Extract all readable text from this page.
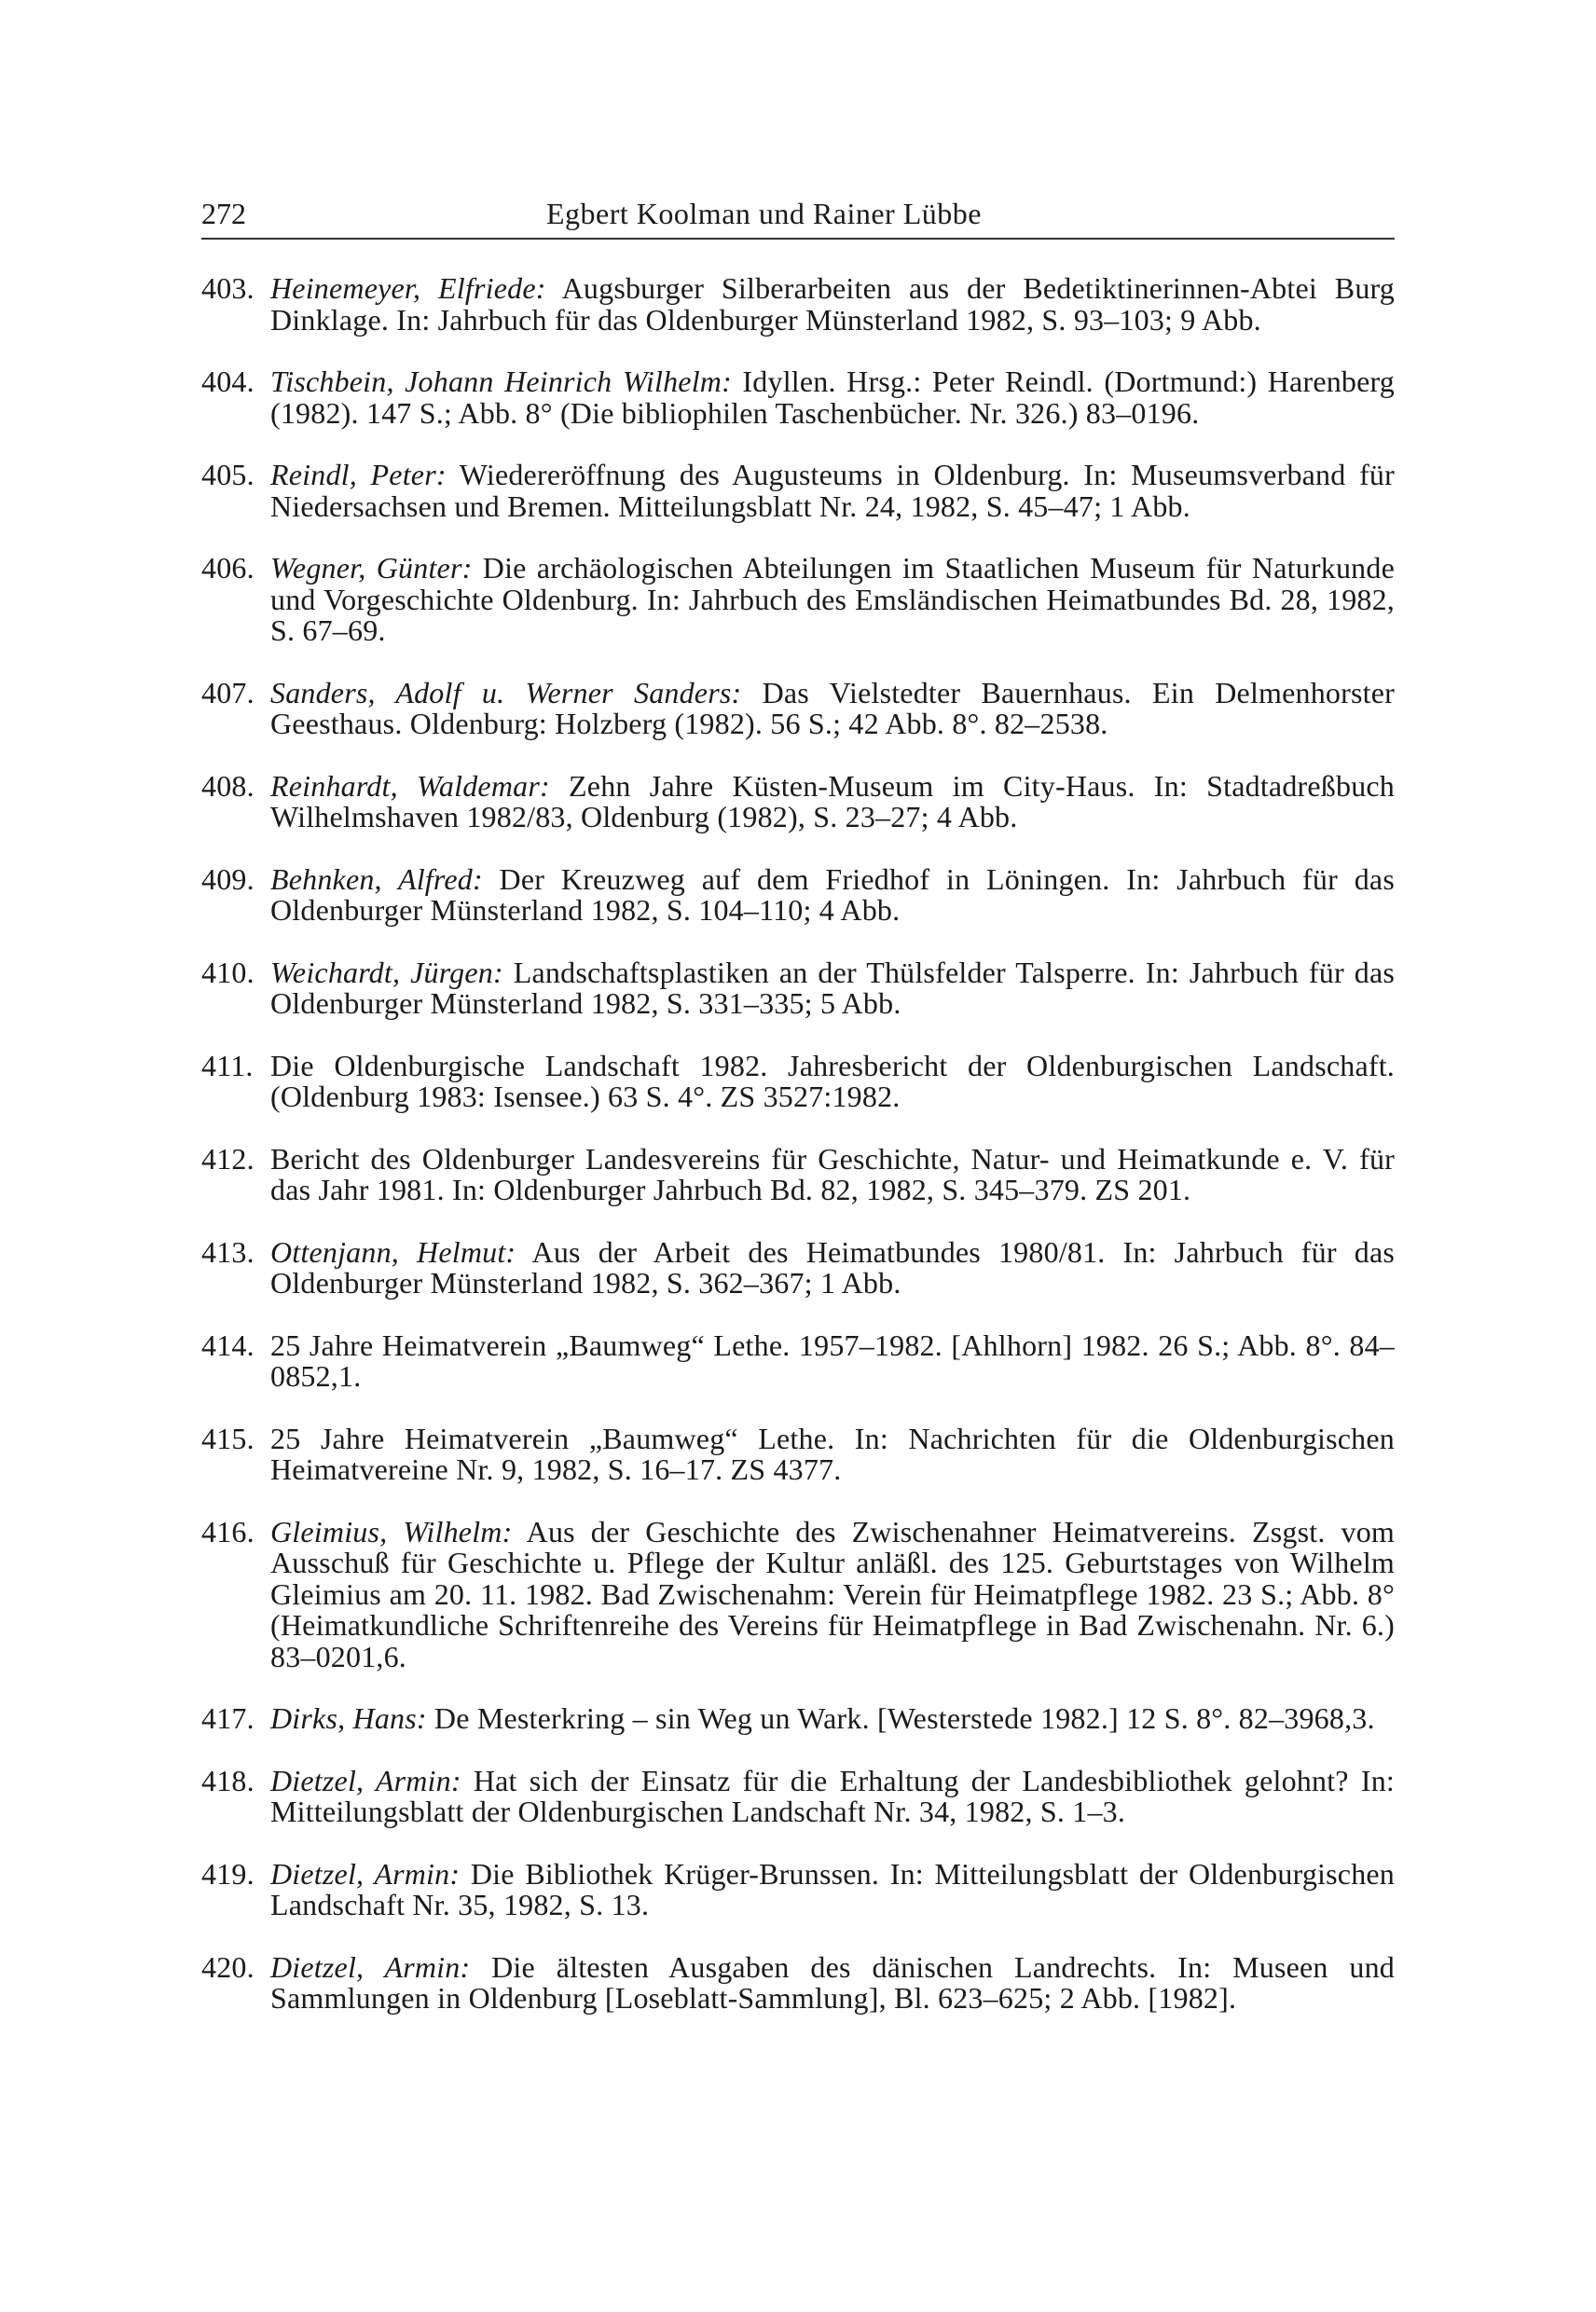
272	Egbert Koolman und Rainer Lübbe
403. Heinemeyer, Elfriede: Augsburger Silberarbeiten aus der Bedetiktinerinnen-Abtei Burg Dinklage. In: Jahrbuch für das Oldenburger Münsterland 1982, S. 93–103; 9 Abb.
404. Tischbein, Johann Heinrich Wilhelm: Idyllen. Hrsg.: Peter Reindl. (Dortmund:) Harenberg (1982). 147 S.; Abb. 8° (Die bibliophilen Taschenbücher. Nr. 326.) 83–0196.
405. Reindl, Peter: Wiedereröffnung des Augusteums in Oldenburg. In: Museumsverband für Niedersachsen und Bremen. Mitteilungsblatt Nr. 24, 1982, S. 45–47; 1 Abb.
406. Wegner, Günter: Die archäologischen Abteilungen im Staatlichen Museum für Naturkunde und Vorgeschichte Oldenburg. In: Jahrbuch des Emsländischen Heimatbundes Bd. 28, 1982, S. 67–69.
407. Sanders, Adolf u. Werner Sanders: Das Vielstedter Bauernhaus. Ein Delmenhorster Geesthaus. Oldenburg: Holzberg (1982). 56 S.; 42 Abb. 8°. 82–2538.
408. Reinhardt, Waldemar: Zehn Jahre Küsten-Museum im City-Haus. In: Stadtadreßbuch Wilhelmshaven 1982/83, Oldenburg (1982), S. 23–27; 4 Abb.
409. Behnken, Alfred: Der Kreuzweg auf dem Friedhof in Löningen. In: Jahrbuch für das Oldenburger Münsterland 1982, S. 104–110; 4 Abb.
410. Weichardt, Jürgen: Landschaftsplastiken an der Thülsfelder Talsperre. In: Jahrbuch für das Oldenburger Münsterland 1982, S. 331–335; 5 Abb.
411. Die Oldenburgische Landschaft 1982. Jahresbericht der Oldenburgischen Landschaft. (Oldenburg 1983: Isensee.) 63 S. 4°. ZS 3527:1982.
412. Bericht des Oldenburger Landesvereins für Geschichte, Natur- und Heimatkunde e. V. für das Jahr 1981. In: Oldenburger Jahrbuch Bd. 82, 1982, S. 345–379. ZS 201.
413. Ottenjann, Helmut: Aus der Arbeit des Heimatbundes 1980/81. In: Jahrbuch für das Oldenburger Münsterland 1982, S. 362–367; 1 Abb.
414. 25 Jahre Heimatverein „Baumweg“ Lethe. 1957–1982. [Ahlhorn] 1982. 26 S.; Abb. 8°. 84–0852,1.
415. 25 Jahre Heimatverein „Baumweg“ Lethe. In: Nachrichten für die Oldenburgischen Heimatvereine Nr. 9, 1982, S. 16–17. ZS 4377.
416. Gleimius, Wilhelm: Aus der Geschichte des Zwischenahner Heimatvereins. Zsgst. vom Ausschuß für Geschichte u. Pflege der Kultur anläßl. des 125. Geburtstages von Wilhelm Gleimius am 20. 11. 1982. Bad Zwischenahm: Verein für Heimatpflege 1982. 23 S.; Abb. 8° (Heimatkundliche Schriftenreihe des Vereins für Heimatpflege in Bad Zwischenahn. Nr. 6.) 83–0201,6.
417. Dirks, Hans: De Mesterkring – sin Weg un Wark. [Westerstede 1982.] 12 S. 8°. 82–3968,3.
418. Dietzel, Armin: Hat sich der Einsatz für die Erhaltung der Landesbibliothek gelohnt? In: Mitteilungsblatt der Oldenburgischen Landschaft Nr. 34, 1982, S. 1–3.
419. Dietzel, Armin: Die Bibliothek Krüger-Brunssen. In: Mitteilungsblatt der Oldenburgischen Landschaft Nr. 35, 1982, S. 13.
420. Dietzel, Armin: Die ältesten Ausgaben des dänischen Landrechts. In: Museen und Sammlungen in Oldenburg [Loseblatt-Sammlung], Bl. 623–625; 2 Abb. [1982].
